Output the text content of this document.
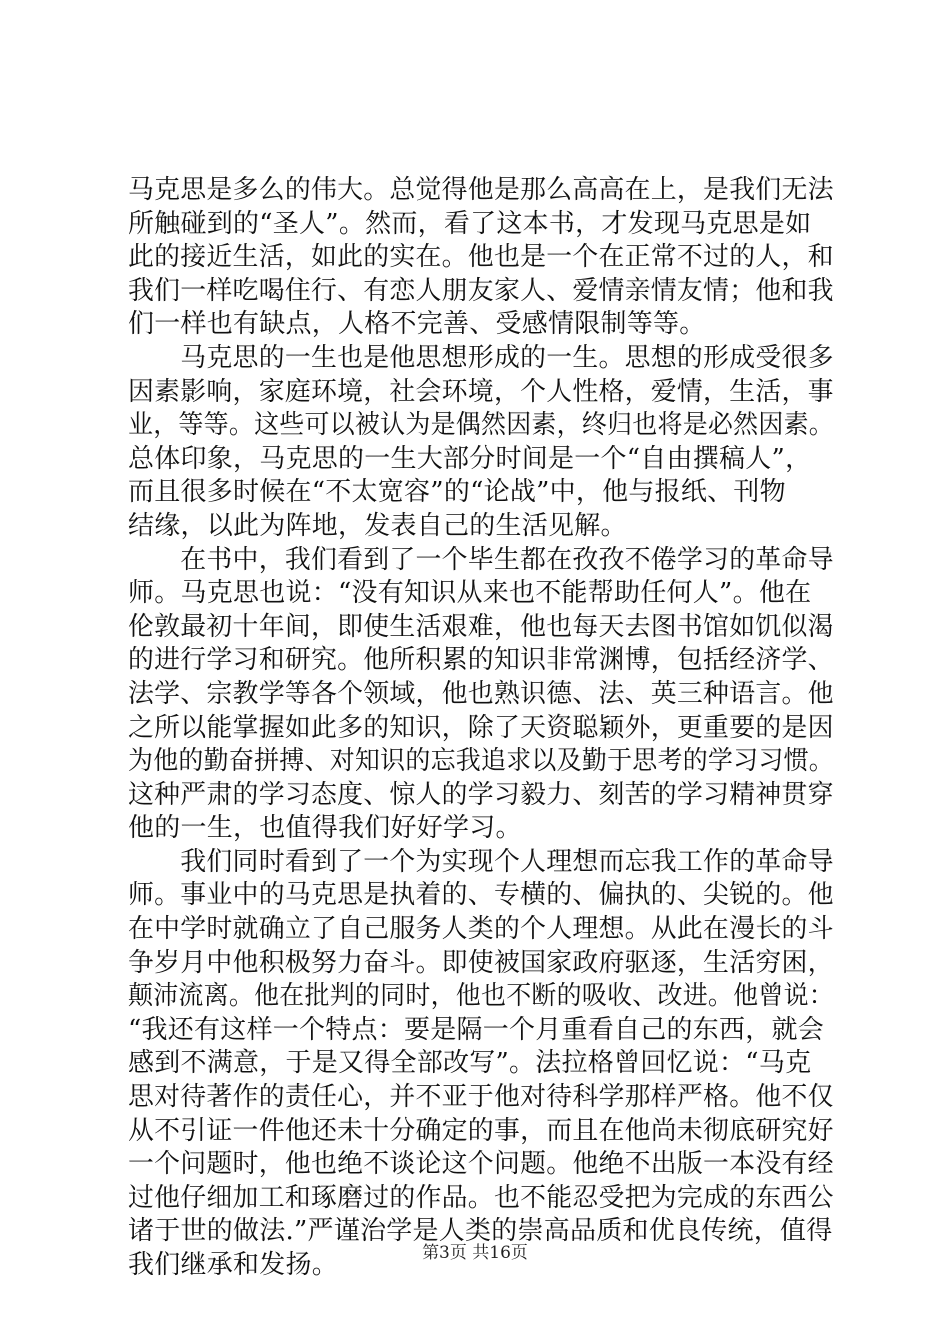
马克思是多么的伟大。总觉得他是那么高高在上，是我们无法
所触碰到的“圣人”。然而，看了这本书，才发现马克思是如
此的接近生活，如此的实在。他也是一个在正常不过的人，和
我们一样吃喝住行、有恋人朋友家人、爱情亲情友情；他和我
们一样也有缺点，人格不完善、受感情限制等等。
　　马克思的一生也是他思想形成的一生。思想的形成受很多
因素影响，家庭环境，社会环境，个人性格，爱情，生活，事
业，等等。这些可以被认为是偶然因素，终归也将是必然因素。
总体印象，马克思的一生大部分时间是一个“自由撰稿人”，
而且很多时候在“不太宽容”的“论战”中，他与报纸、刊物
结缘，以此为阵地，发表自己的生活见解。
　　在书中，我们看到了一个毕生都在孜孜不倦学习的革命导
师。马克思也说：“没有知识从来也不能帮助任何人”。他在
伦敦最初十年间，即使生活艰难，他也每天去图书馆如饥似渴
的进行学习和研究。他所积累的知识非常渊博，包括经济学、
法学、宗教学等各个领域，他也熟识德、法、英三种语言。他
之所以能掌握如此多的知识，除了天资聪颖外，更重要的是因
为他的勤奋拼搏、对知识的忘我追求以及勤于思考的学习习惯。
这种严肃的学习态度、惊人的学习毅力、刻苦的学习精神贯穿
他的一生，也值得我们好好学习。
　　我们同时看到了一个为实现个人理想而忘我工作的革命导
师。事业中的马克思是执着的、专横的、偏执的、尖锐的。他
在中学时就确立了自己服务人类的个人理想。从此在漫长的斗
争岁月中他积极努力奋斗。即使被国家政府驱逐，生活穷困，
颠沛流离。他在批判的同时，他也不断的吸收、改进。他曾说：
“我还有这样一个特点：要是隔一个月重看自己的东西，就会
感到不满意，于是又得全部改写”。法拉格曾回忆说：“马克
思对待著作的责任心，并不亚于他对待科学那样严格。他不仅
从不引证一件他还未十分确定的事，而且在他尚未彻底研究好
一个问题时，他也绝不谈论这个问题。他绝不出版一本没有经
过他仔细加工和琢磨过的作品。也不能忍受把为完成的东西公
诸于世的做法.”严谨治学是人类的崇高品质和优良传统，值得
我们继承和发扬。	第3页 共16页
